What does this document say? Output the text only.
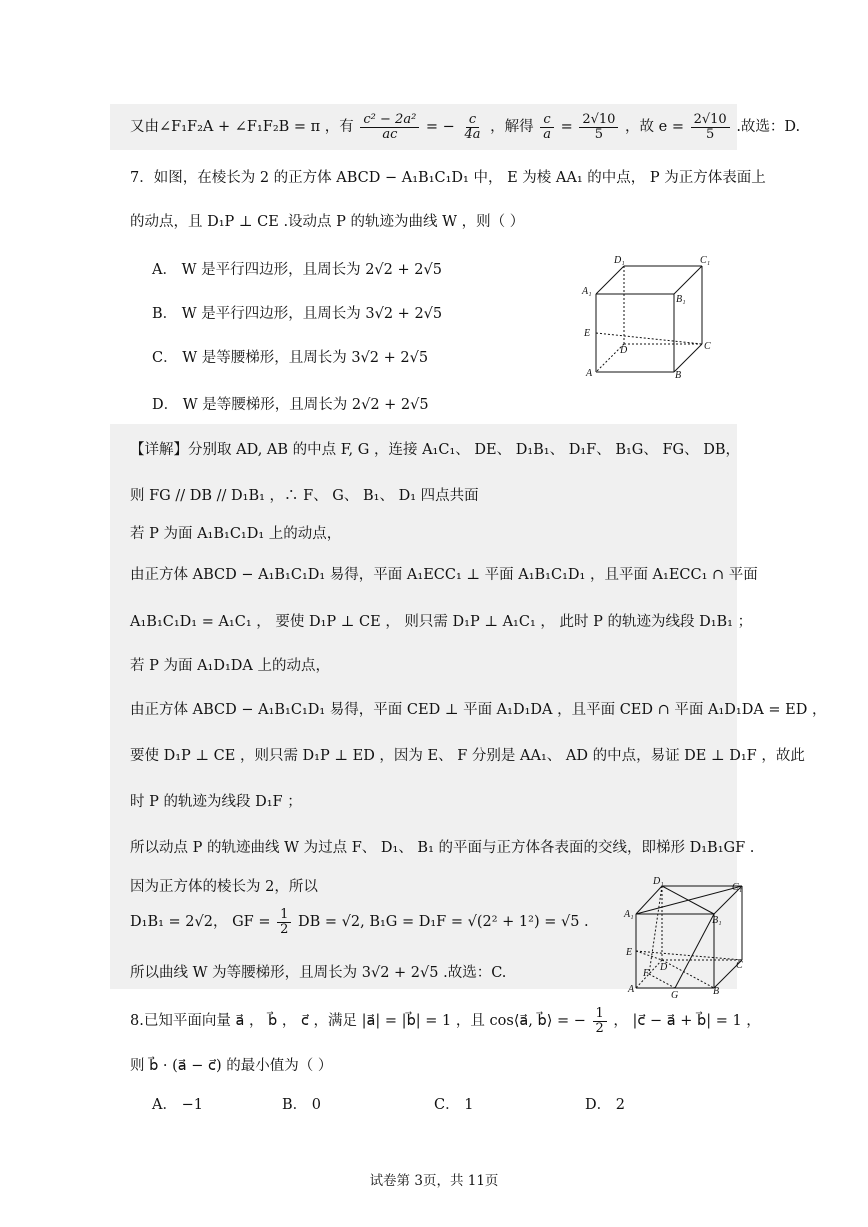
又由∠F₁F₂A + ∠F₁F₂B = π ，有 $\frac{\text{c² − 2a²}}{ac}$ = − $\frac{c}{4a}$ ，解得 $\frac{c}{a} = \frac{2√10}{5}$ ，故 $e = \frac{2√10}{5}$ .故选：D.
7．如图，在棱长为 2 的正方体 ABCD − A₁B₁C₁D₁ 中， E 为棱 AA₁ 的中点， P 为正方体表面上
的动点，且 D₁P ⊥ CE .设动点 P 的轨迹为曲线 W ，则（ ）
A． W 是平行四边形，且周长为 2√2 + 2√5
B． W 是平行四边形，且周长为 3√2 + 2√5
C． W 是等腰梯形，且周长为 3√2 + 2√5
D． W 是等腰梯形，且周长为 2√2 + 2√5
D₁	C₁
A₁
B₁
E
D	C
A	B
【详解】分别取 AD, AB 的中点 F, G ，连接 A₁C₁、 DE、 D₁B₁、 D₁F、 B₁G、 FG、 DB，
则 FG // DB // D₁B₁ ，∴ F、 G、 B₁、 D₁ 四点共面
若 P 为面 A₁B₁C₁D₁ 上的动点，
由正方体 ABCD − A₁B₁C₁D₁ 易得，平面 A₁ECC₁ ⊥ 平面 A₁B₁C₁D₁ ，且平面 A₁ECC₁ ∩ 平面
A₁B₁C₁D₁ = A₁C₁ ， 要使 D₁P ⊥ CE ， 则只需 D₁P ⊥ A₁C₁ ， 此时 P 的轨迹为线段 D₁B₁ ；
若 P 为面 A₁D₁DA 上的动点，
由正方体 ABCD − A₁B₁C₁D₁ 易得，平面 CED ⊥ 平面 A₁D₁DA ，且平面 CED ∩ 平面 A₁D₁DA = ED ，
要使 D₁P ⊥ CE ，则只需 D₁P ⊥ ED ，因为 E、 F 分别是 AA₁、 AD 的中点，易证 DE ⊥ D₁F ，故此
时 P 的轨迹为线段 D₁F ；
所以动点 P 的轨迹曲线 W 为过点 F、 D₁、 B₁ 的平面与正方体各表面的交线，即梯形 D₁B₁GF .
因为正方体的棱长为 2，所以
D₁B₁ = 2√2， GF = $\frac{1}{2}$ DB = √2, B₁G = D₁F = √(2² + 1²) = √5 .
所以曲线 W 为等腰梯形，且周长为 3√2 + 2√5 .故选：C.
D₁
C₁
A₁
B₁
E
D	C
F
A
G	B
8.已知平面向量 a⃗ ， b⃗ ， c⃗ ，满足 |a⃗| = |b⃗| = 1 ，且 cos⟨a⃗, b⃗⟩ = − $\frac{1}{2}$ ， |c⃗ − a⃗ + b⃗| = 1 ，
则 b⃗ · (a⃗ − c⃗) 的最小值为（ ）
A． −1	B． 0	C． 1	D． 2
试卷第 3页，共 11页
